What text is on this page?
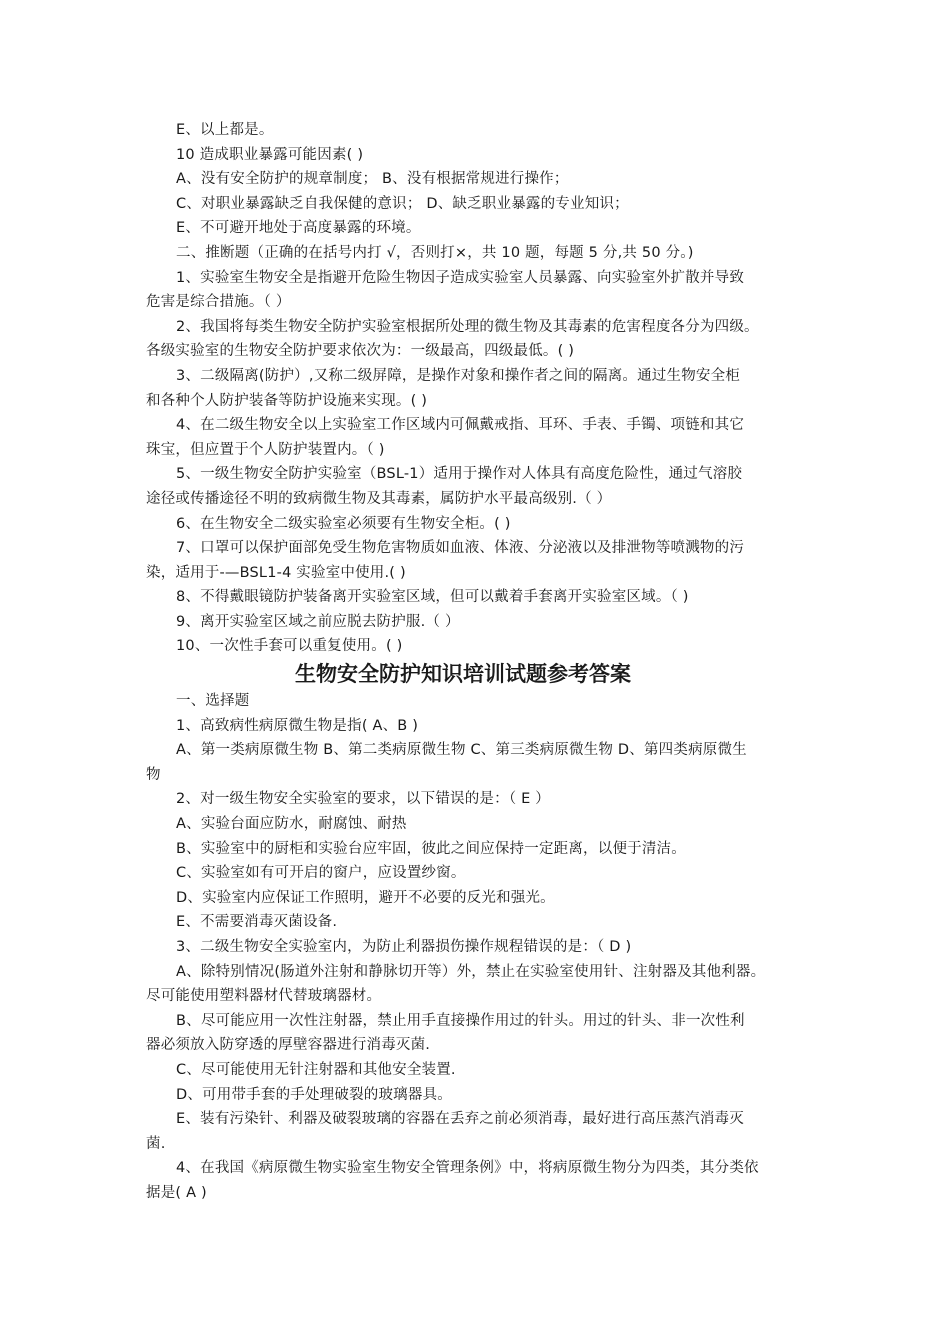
E、以上都是。
10 造成职业暴露可能因素( )
A、没有安全防护的规章制度； B、没有根据常规进行操作；
C、对职业暴露缺乏自我保健的意识； D、缺乏职业暴露的专业知识；
E、不可避开地处于高度暴露的环境。
二、推断题（正确的在括号内打 √，否则打×，共 10 题，每题 5 分,共 50 分。)
1、实验室生物安全是指避开危险生物因子造成实验室人员暴露、向实验室外扩散并导致
危害是综合措施。（ ）
2、我国将每类生物安全防护实验室根据所处理的微生物及其毒素的危害程度各分为四级。
各级实验室的生物安全防护要求依次为：一级最高，四级最低。( )
3、二级隔离(防护）,又称二级屏障，是操作对象和操作者之间的隔离。通过生物安全柜
和各种个人防护装备等防护设施来实现。( )
4、在二级生物安全以上实验室工作区域内可佩戴戒指、耳环、手表、手镯、项链和其它
珠宝，但应置于个人防护装置内。（ )
5、一级生物安全防护实验室（BSL-1）适用于操作对人体具有高度危险性，通过气溶胶
途径或传播途径不明的致病微生物及其毒素，属防护水平最高级别.（ ）
6、在生物安全二级实验室必须要有生物安全柜。( )
7、口罩可以保护面部免受生物危害物质如血液、体液、分泌液以及排泄物等喷溅物的污
染，适用于-—BSL1-4 实验室中使用.( )
8、不得戴眼镜防护装备离开实验室区域，但可以戴着手套离开实验室区域。（ )
9、离开实验室区域之前应脱去防护服.（ ）
10、一次性手套可以重复使用。( )
生物安全防护知识培训试题参考答案
一、选择题
1、高致病性病原微生物是指( A、B )
A、第一类病原微生物 B、第二类病原微生物 C、第三类病原微生物 D、第四类病原微生
物
2、对一级生物安全实验室的要求，以下错误的是：（ E ）
A、实验台面应防水，耐腐蚀、耐热
B、实验室中的厨柜和实验台应牢固，彼此之间应保持一定距离，以便于清洁。
C、实验室如有可开启的窗户，应设置纱窗。
D、实验室内应保证工作照明，避开不必要的反光和强光。
E、不需要消毒灭菌设备.
3、二级生物安全实验室内，为防止利器损伤操作规程错误的是：（ D )
A、除特别情况(肠道外注射和静脉切开等）外，禁止在实验室使用针、注射器及其他利器。
尽可能使用塑料器材代替玻璃器材。
B、尽可能应用一次性注射器，禁止用手直接操作用过的针头。用过的针头、非一次性利
器必须放入防穿透的厚壁容器进行消毒灭菌.
C、尽可能使用无针注射器和其他安全装置.
D、可用带手套的手处理破裂的玻璃器具。
E、装有污染针、利器及破裂玻璃的容器在丢弃之前必须消毒，最好进行高压蒸汽消毒灭
菌.
4、在我国《病原微生物实验室生物安全管理条例》中，将病原微生物分为四类，其分类依
据是( A )
